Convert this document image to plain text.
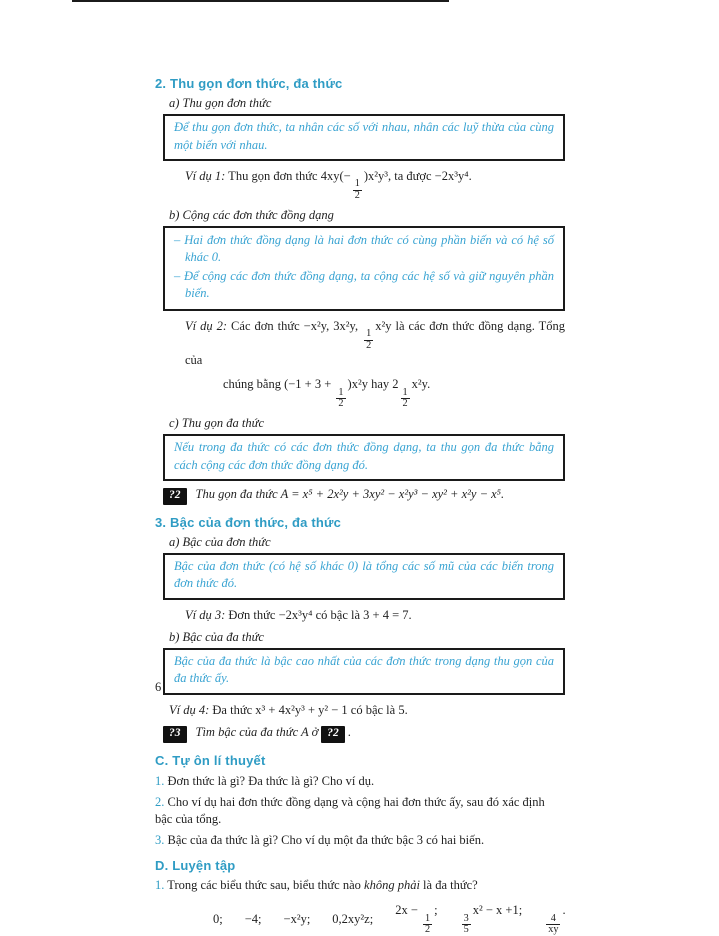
2. Thu gọn đơn thức, đa thức
a) Thu gọn đơn thức

Để thu gọn đơn thức, ta nhân các số với nhau, nhân các luỹ thừa của cùng một biến với nhau.

Ví dụ 1: Thu gọn đơn thức 4xy(−
$\frac{1}{2}$
)x²y³, ta được −2x³y⁴.

b) Cộng các đơn thức đồng dạng

– Hai đơn thức đồng dạng là hai đơn thức có cùng phần biến và có hệ số khác 0.

– Để cộng các đơn thức đồng dạng, ta cộng các hệ số và giữ nguyên phần biến.

Ví dụ 2: Các đơn thức −x²y, 3x²y,
$\frac{1}{2}$
x²y là các đơn thức đồng dạng. Tổng của

chúng bằng (−1 + 3 +
$\frac{1}{2}$
)x²y hay 2
$\frac{1}{2}$
x²y.

c) Thu gọn đa thức

Nếu trong đa thức có các đơn thức đồng dạng, ta thu gọn đa thức bằng cách cộng các đơn thức đồng dạng đó.

?2 Thu gọn đa thức A = x⁵ + 2x²y + 3xy² − x²y³ − xy² + x²y − x⁵.
3. Bậc của đơn thức, đa thức
a) Bậc của đơn thức

Bậc của đơn thức (có hệ số khác 0) là tổng các số mũ của các biến trong đơn thức đó.

Ví dụ 3: Đơn thức −2x³y⁴ có bậc là 3 + 4 = 7.

b) Bậc của đa thức

Bậc của đa thức là bậc cao nhất của các đơn thức trong dạng thu gọn của đa thức ấy.

Ví dụ 4: Đa thức x³ + 4x²y³ + y² − 1 có bậc là 5.

?3 Tìm bậc của đa thức A ở ?2 .
C. Tự ôn lí thuyết
1. Đơn thức là gì? Đa thức là gì? Cho ví dụ.
2. Cho ví dụ hai đơn thức đồng dạng và cộng hai đơn thức ấy, sau đó xác định bậc của tổng.
3. Bậc của đa thức là gì? Cho ví dụ một đa thức bậc 3 có hai biến.
D. Luyện tập
1. Trong các biểu thức sau, biểu thức nào không phải là đa thức?
0; −4; −x²y; 0,2xy²z;
2x −
$\frac{1}{2}$
;
$\frac{3}{5}$
x² − x +1;
$\frac{4}{xy}$
.
6
